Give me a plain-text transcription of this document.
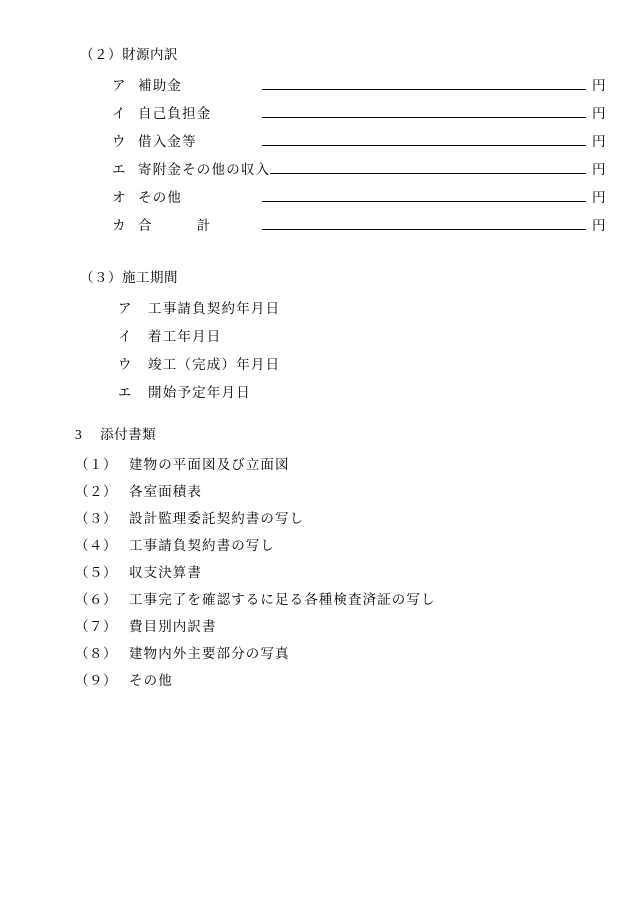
（２）財源内訳
ア 補助金	円
イ 自己負担金	円
ウ 借入金等	円
エ 寄附金その他の収入	円
オ その他	円
カ 合　　　計	円
（３）施工期間
ア	工事請負契約年月日
イ	着工年月日
ウ	竣工（完成）年月日
エ	開始予定年月日
3 添付書類
（１） 建物の平面図及び立面図
（２） 各室面積表
（３） 設計監理委託契約書の写し
（４） 工事請負契約書の写し
（５） 収支決算書
（６） 工事完了を確認するに足る各種検査済証の写し
（７） 費目別内訳書
（８） 建物内外主要部分の写真
（９） その他
